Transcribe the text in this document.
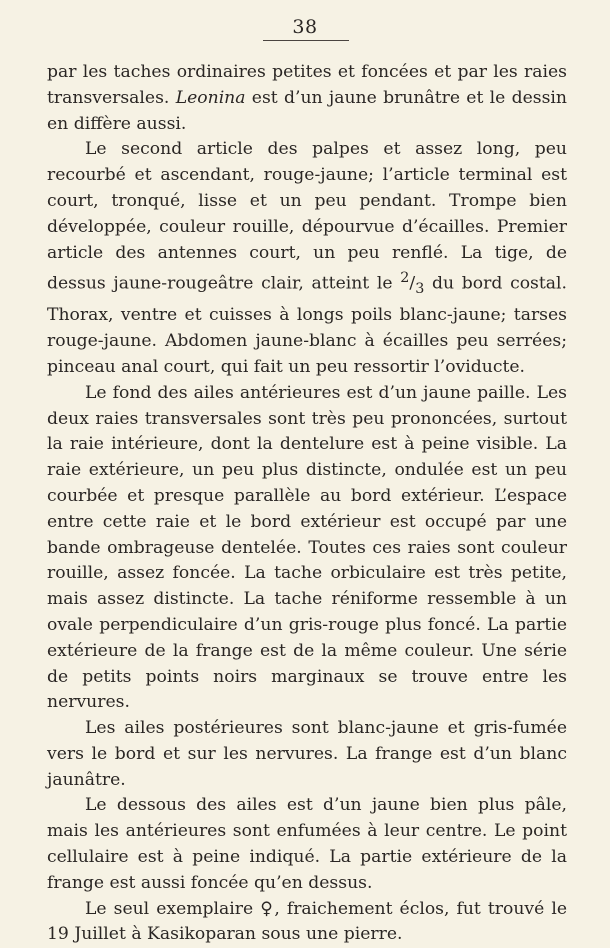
38

par les taches ordinaires petites et foncées et par les raies transversales. Leonina est d’un jaune brunâtre et le dessin en diffère aussi.

Le second article des palpes et assez long, peu recourbé et ascendant, rouge-jaune; l’article terminal est court, tronqué, lisse et un peu pendant. Trompe bien développée, couleur rouille, dépourvue d’écailles. Premier article des antennes court, un peu renflé. La tige, de dessus jaune-rougeâtre clair, atteint le $^2/_3$ du bord costal. Thorax, ventre et cuisses à longs poils blanc-jaune; tarses rouge-jaune. Abdomen jaune-blanc à écailles peu serrées; pinceau anal court, qui fait un peu ressortir l’oviducte.

Le fond des ailes antérieures est d’un jaune paille. Les deux raies transversales sont très peu prononcées, surtout la raie intérieure, dont la dentelure est à peine visible. La raie extérieure, un peu plus distincte, ondulée est un peu courbée et presque parallèle au bord extérieur. L’espace entre cette raie et le bord extérieur est occupé par une bande ombrageuse dentelée. Toutes ces raies sont couleur rouille, assez foncée. La tache orbiculaire est très petite, mais assez distincte. La tache réniforme ressemble à un ovale perpendiculaire d’un gris-rouge plus foncé. La partie extérieure de la frange est de la même couleur. Une série de petits points noirs marginaux se trouve entre les nervures.

Les ailes postérieures sont blanc-jaune et gris-fumée vers le bord et sur les nervures. La frange est d’un blanc jaunâtre.

Le dessous des ailes est d’un jaune bien plus pâle, mais les antérieures sont enfumées à leur centre. Le point cellulaire est à peine indiqué. La partie extérieure de la frange est aussi foncée qu’en dessus.

Le seul exemplaire ♀, fraichement éclos, fut trouvé le 19 Juillet à Kasikoparan sous une pierre.
